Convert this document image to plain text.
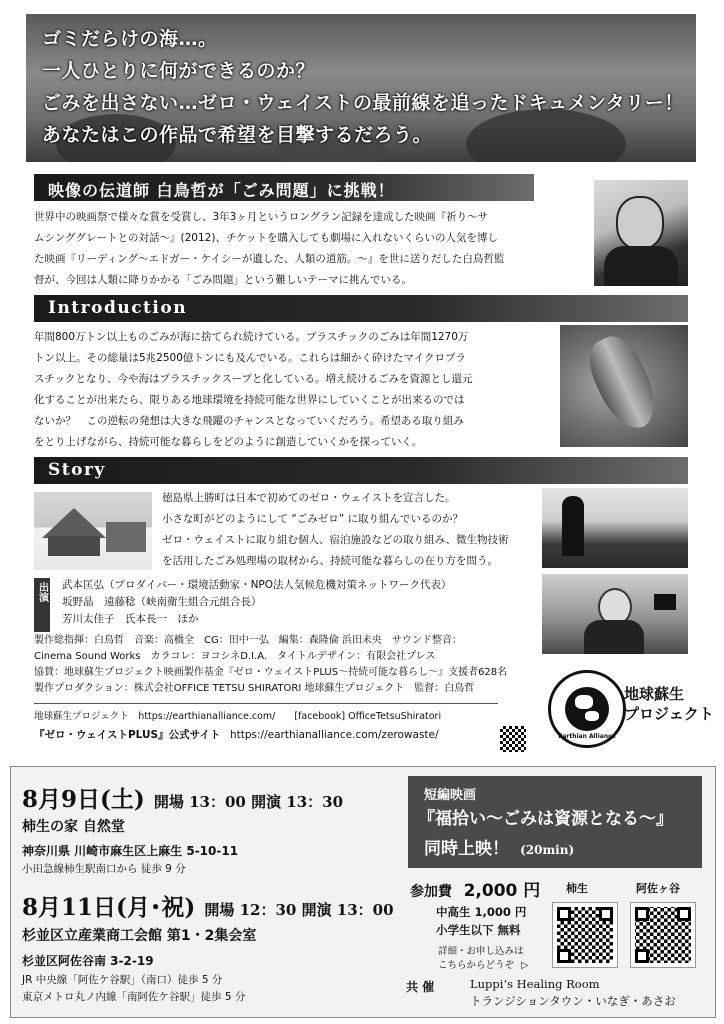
ゴミだらけの海…。
一人ひとりに何ができるのか？
ごみを出さない…ゼロ・ウェイストの最前線を追ったドキュメンタリー！
あなたはこの作品で希望を目撃するだろう。
映像の伝道師 白鳥哲が「ごみ問題」に挑戦！
世界中の映画祭で様々な賞を受賞し、3年3ヶ月というロングラン記録を達成した映画『祈り～サ
ムシンググレートとの対話～』(2012)、チケットを購入しても劇場に入れないくらいの人気を博し
た映画『リーディング～エドガー・ケイシーが遺した、人類の道筋。～』を世に送りだした白鳥哲監
督が、今回は人類に降りかかる「ごみ問題」という難しいテーマに挑んでいる。
Introduction
年間800万トン以上ものごみが海に捨てられ続けている。プラスチックのごみは年間1270万
トン以上。その総量は5兆2500億トンにも及んでいる。これらは細かく砕けたマイクロプラ
スチックとなり、今や海はプラスチックスープと化している。増え続けるごみを資源とし還元
化することが出来たら、限りある地球環境を持続可能な世界にしていくことが出来るのでは
ないか？　この逆転の発想は大きな飛躍のチャンスとなっていくだろう。希望ある取り組み
をとり上げながら、持続可能な暮らしをどのように創造していくかを探っていく。
Story
徳島県上勝町は日本で初めてのゼロ・ウェイストを宣言した。
小さな町がどのようにして “ごみゼロ” に取り組んでいるのか？
ゼロ・ウェイストに取り組む個人、宿泊施設などの取り組み、微生物技術
を活用したごみ処理場の取材から、持続可能な暮らしの在り方を問う。
出演 武本匡弘（プロダイバー・環境活動家・NPO法人気候危機対策ネットワーク代表）
坂野晶　遠藤稔（峡南衛生組合元組合長）
芳川太佳子　氏本長一　ほか
製作総指揮：白鳥哲　音楽：高橋全　CG：田中一弘　編集：森隆倫 浜田未央　サウンド整音：
Cinema Sound Works　カラコレ：ヨコシネD.I.A.　タイトルデザイン：有限会社プレス
協賛：地球蘇生プロジェクト映画製作基金『ゼロ・ウェイストPLUS～持続可能な暮らし～』支援者628名
製作プロダクション：株式会社OFFICE TETSU SHIRATORI 地球蘇生プロジェクト　監督：白鳥哲
地球蘇生プロジェクト　https://earthianalliance.com/　　[facebook] OfficeTetsuShiratori
『ゼロ・ウェイストPLUS』公式サイト https://earthianalliance.com/zerowaste/	Earthian Alliance
地球蘇生
プロジェクト
8月9日(土) 開場 13：00 開演 13：30
柿生の家 自然堂
神奈川県 川崎市麻生区上麻生 5-10-11
小田急線柿生駅南口から 徒歩 9 分
8月11日(月･祝) 開場 12：30 開演 13：00
杉並区立産業商工会館 第1・2集会室
杉並区阿佐谷南 3-2-19
JR 中央線「阿佐ケ谷駅」（南口）徒歩 5 分
東京メトロ丸ノ内線「南阿佐ケ谷駅」徒歩 5 分
短編映画
『福拾い～ごみは資源となる～』
同時上映！ (20min)
参加費 2,000 円
中高生 1,000 円
小学生以下 無料
詳細・お申し込みは
こちらからどうぞ ▷
柿生	阿佐ヶ谷
共 催	Luppi’s Healing Room
トランジションタウン・いなぎ・あさお
